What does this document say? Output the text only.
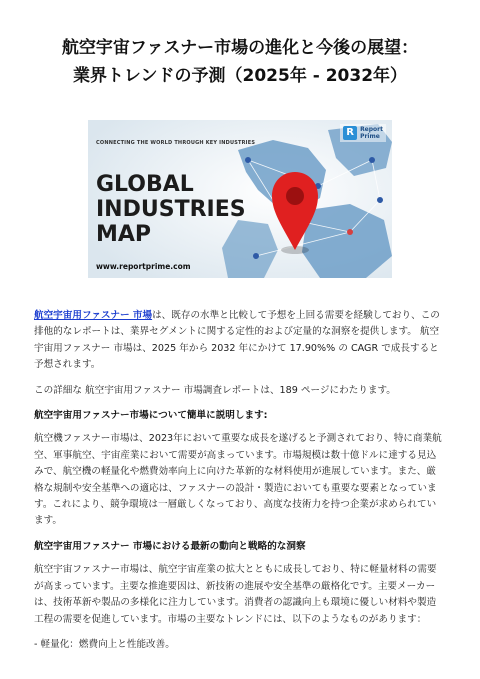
航空宇宙ファスナー市場の進化と今後の展望：
業界トレンドの予測（2025年 - 2032年）
CONNECTING THE WORLD THROUGH KEY INDUSTRIES
GLOBAL
INDUSTRIES
MAP
www.reportprime.com
R	Report
Prime

航空宇宙用ファスナー 市場は、既存の水準と比較して予想を上回る需要を経験しており、この排他的なレポートは、業界セグメントに関する定性的および定量的な洞察を提供します。 航空宇宙用ファスナー 市場は、2025 年から 2032 年にかけて 17.90%% の CAGR で成長すると予想されます。

この詳細な 航空宇宙用ファスナー 市場調査レポートは、189 ページにわたります。

航空宇宙用ファスナー市場について簡単に説明します:

航空機ファスナー市場は、2023年において重要な成長を遂げると予測されており、特に商業航空、軍事航空、宇宙産業において需要が高まっています。市場規模は数十億ドルに達する見込みで、航空機の軽量化や燃費効率向上に向けた革新的な材料使用が進展しています。また、厳格な規制や安全基準への適応は、ファスナーの設計・製造においても重要な要素となっています。これにより、競争環境は一層厳しくなっており、高度な技術力を持つ企業が求められています。

航空宇宙用ファスナー 市場における最新の動向と戦略的な洞察

航空宇宙ファスナー市場は、航空宇宙産業の拡大とともに成長しており、特に軽量材料の需要が高まっています。主要な推進要因は、新技術の進展や安全基準の厳格化です。主要メーカーは、技術革新や製品の多様化に注力しています。消費者の認識向上も環境に優しい材料や製造工程の需要を促進しています。市場の主要なトレンドには、以下のようなものがあります：

- 軽量化：燃費向上と性能改善。
